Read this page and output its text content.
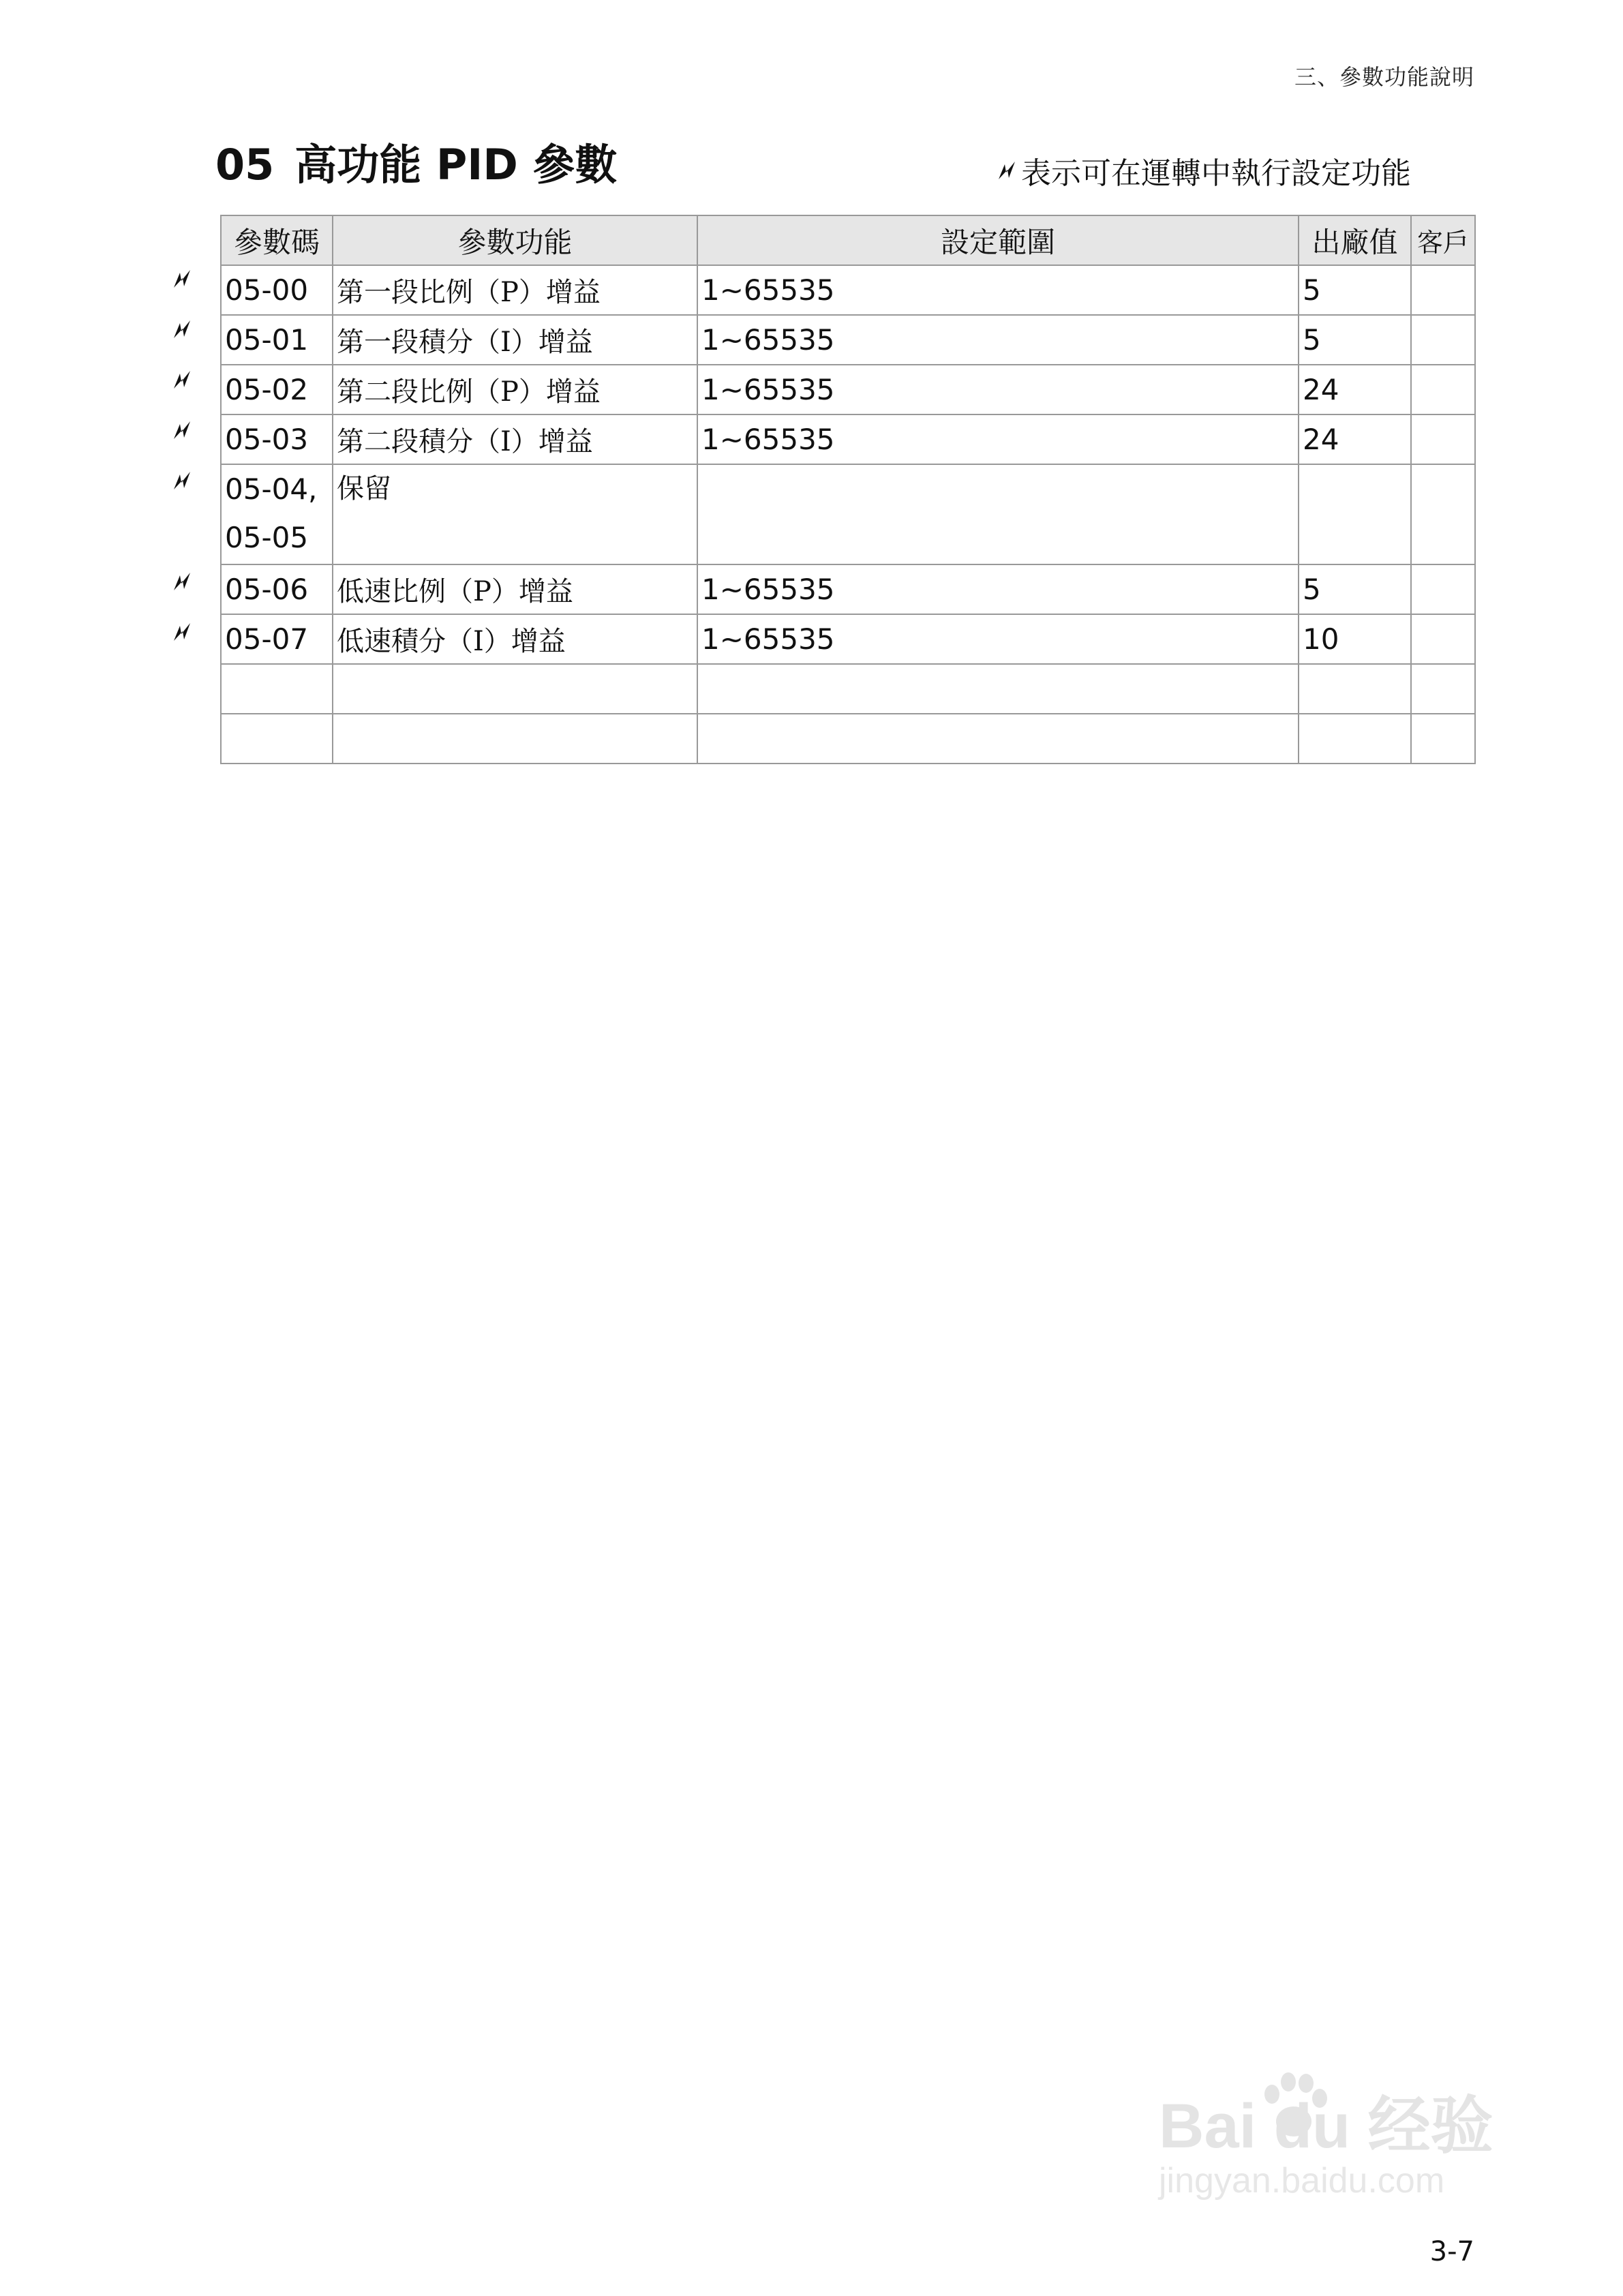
三、參數功能說明
05 高功能 PID 參數	表示可在運轉中執行設定功能
參數碼	參數功能	設定範圍	出廠值	客戶
05-00	第一段比例（P）增益	1~65535	5	
05-01	第一段積分（I）增益	1~65535	5	
05-02	第二段比例（P）增益	1~65535	24	
05-03	第二段積分（I）增益	1~65535	24	

05-04,
05-05	保留			
05-06	低速比例（P）增益	1~65535	5	
05-07	低速積分（I）增益	1~65535	10	

Bai du 经验
jingyan.baidu.com
3-7
